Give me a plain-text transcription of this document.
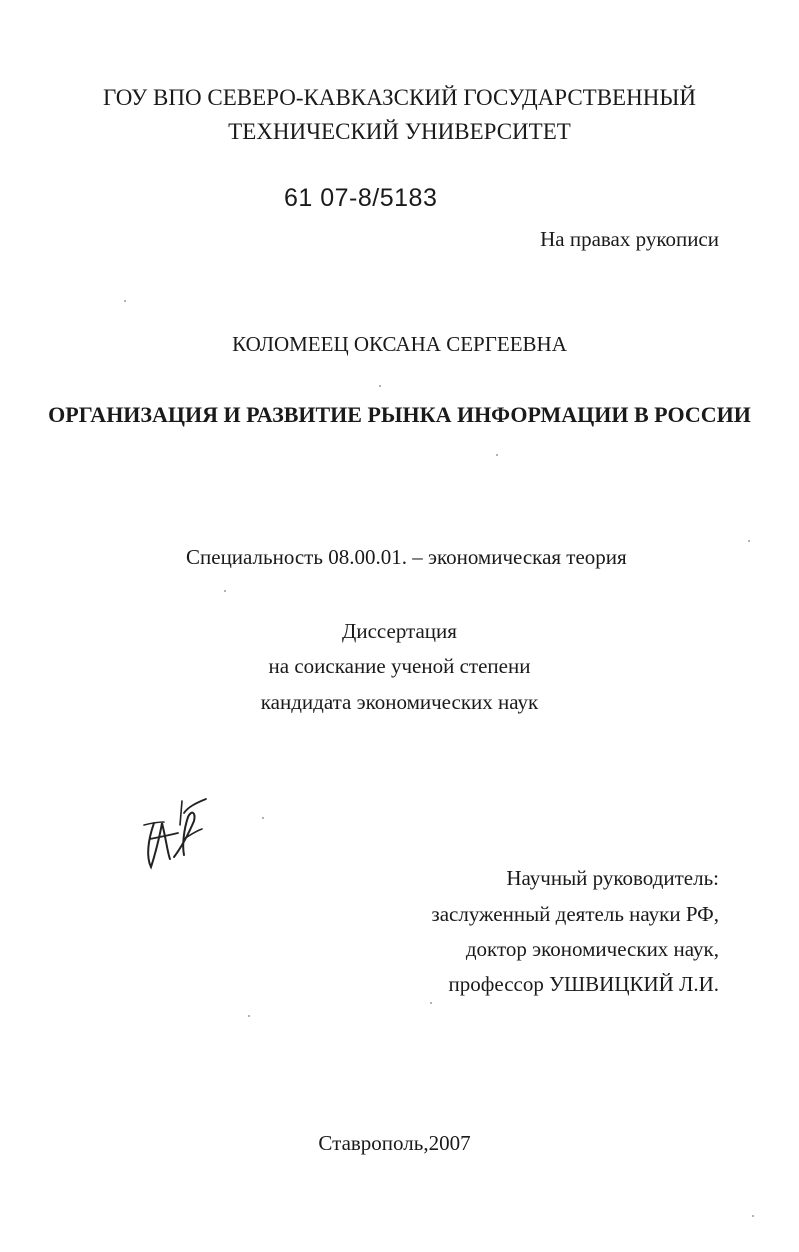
ГОУ ВПО СЕВЕРО-КАВКАЗСКИЙ ГОСУДАРСТВЕННЫЙ
ТЕХНИЧЕСКИЙ УНИВЕРСИТЕТ
61 07-8/5183
На правах рукописи
КОЛОМЕЕЦ ОКСАНА СЕРГЕЕВНА
ОРГАНИЗАЦИЯ И РАЗВИТИЕ РЫНКА ИНФОРМАЦИИ В РОССИИ
Специальность 08.00.01. – экономическая теория
Диссертация
на соискание ученой степени
кандидата экономических наук
Научный руководитель:
заслуженный деятель науки РФ,
доктор экономических наук,
профессор УШВИЦКИЙ Л.И.
Ставрополь,2007
